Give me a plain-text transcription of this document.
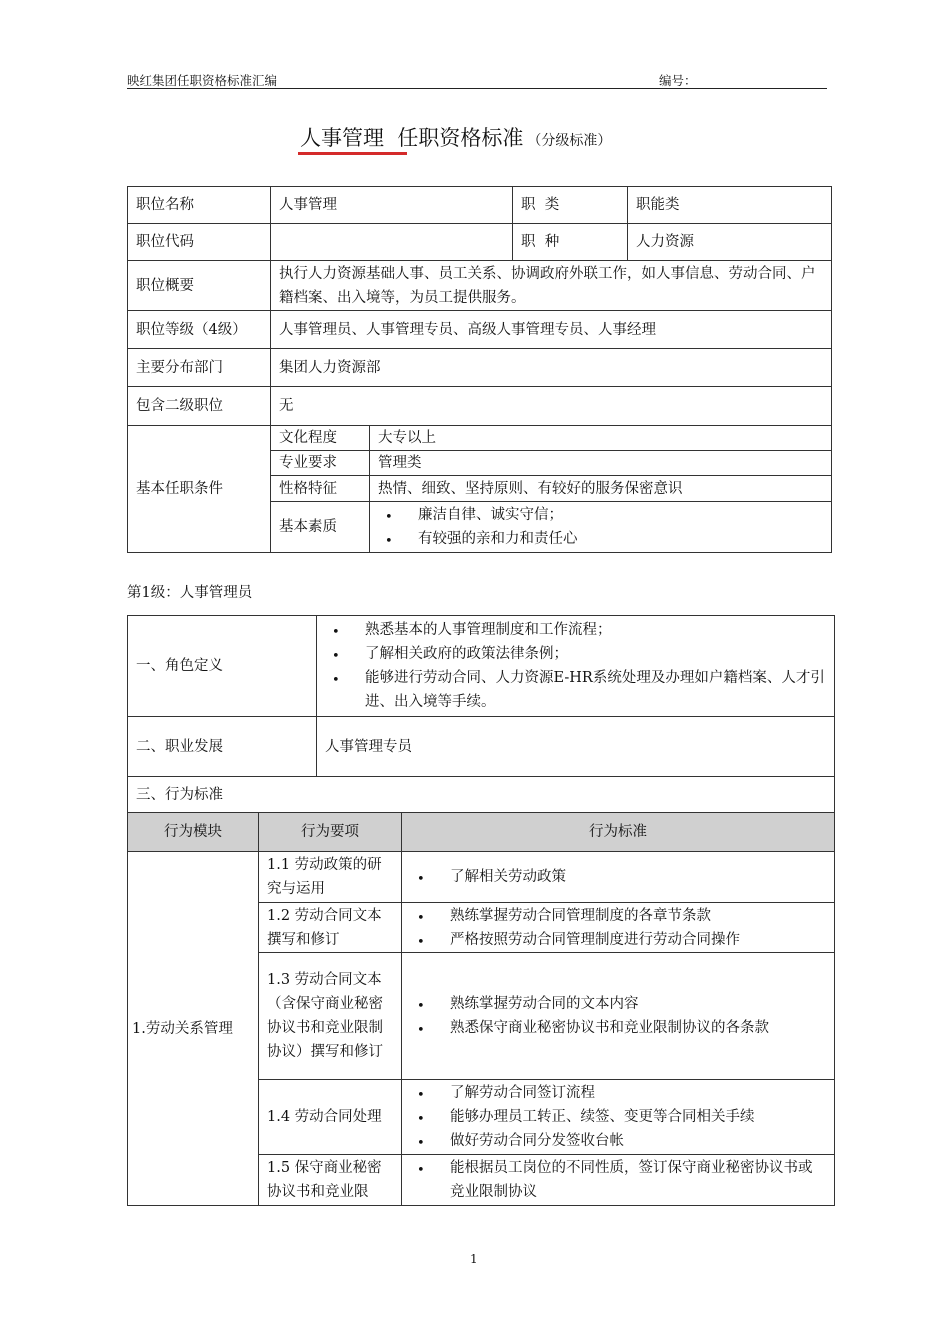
映红集团任职资格标准汇编	编号：
人事管理  任职资格标准 （分级标准）
职位名称	人事管理		职  类	职能类
职位代码			职  种	人力资源
职位概要	执行人力资源基础人事、员工关系、协调政府外联工作，如人事信息、劳动合同、户籍档案、出入境等，为员工提供服务。			
职位等级（4级）	人事管理员、人事管理专员、高级人事管理专员、人事经理			
主要分布部门	集团人力资源部			
包含二级职位	无			
基本任职条件	文化程度	大专以上		
	专业要求	管理类		
	性格特征	热情、细致、坚持原则、有较好的服务保密意识		
	基本素质	• 廉洁自律、诚实守信；
• 有较强的亲和力和责任心
第1级：人事管理员
一、角色定义	• 熟悉基本的人事管理制度和工作流程；
• 了解相关政府的政策法律条例；
• 能够进行劳动合同、人力资源E-HR系统处理及办理如户籍档案、人才引进、出入境等手续。

二、职业发展	人事管理专员
三、行为标准	
行为模块	行为要项	行为标准
1.劳动关系管理	1.1 劳动政策的研究与运用	• 了解相关劳动政策

	1.2 劳动合同文本撰写和修订	• 熟练掌握劳动合同管理制度的各章节条款
• 严格按照劳动合同管理制度进行劳动合同操作

	1.3 劳动合同文本（含保守商业秘密协议书和竞业限制协议）撰写和修订	• 熟练掌握劳动合同的文本内容
• 熟悉保守商业秘密协议书和竞业限制协议的各条款

	1.4 劳动合同处理	• 了解劳动合同签订流程
• 能够办理员工转正、续签、变更等合同相关手续
• 做好劳动合同分发签收台帐

	1.5 保守商业秘密协议书和竞业限	• 能根据员工岗位的不同性质，签订保守商业秘密协议书或竞业限制协议
1
